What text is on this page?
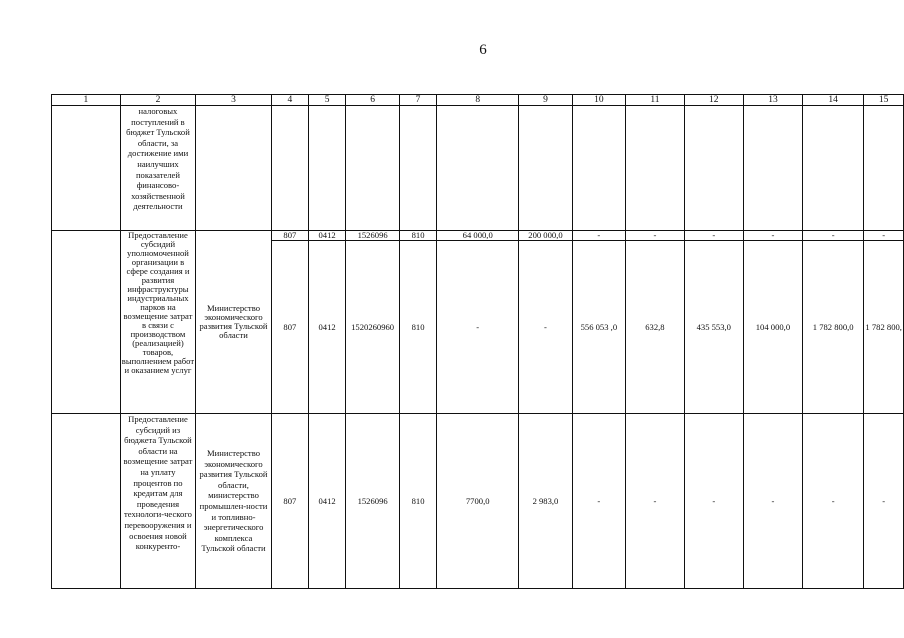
6
1	2	3	4	5	6	7	8	9	10	11	12	13	14	15
	налоговых поступлений в бюджет Тульской области, за достижение ими наилучших показателей финансово-хозяйственной деятельности													
	Предоставление субсидий уполномоченной организации в сфере создания и развития инфраструктуры индустриальных парков на возмещение затрат в связи с производством (реализацией) товаров, выполнением работ и оказанием услуг	Министерство экономического развития Тульской области	807	0412	1526096	810	64 000,0	200 000,0	-	-	-	-	-	-
			807	0412	1520260960	810	-	-	556 053 ,0	632,8	435 553,0	104 000,0	1 782 800,0	1 782 800,
	Предоставление субсидий из бюджета Тульской области на возмещение затрат на уплату процентов по кредитам для проведения технологи-ческого перевооружения и освоения новой конкуренто-	Министерство экономического развития Тульской области, министерство промышлен-ности и топливно-энергетического комплекса Тульской области	807	0412	1526096	810	7700,0	2 983,0	-	-	-	-	-	-
